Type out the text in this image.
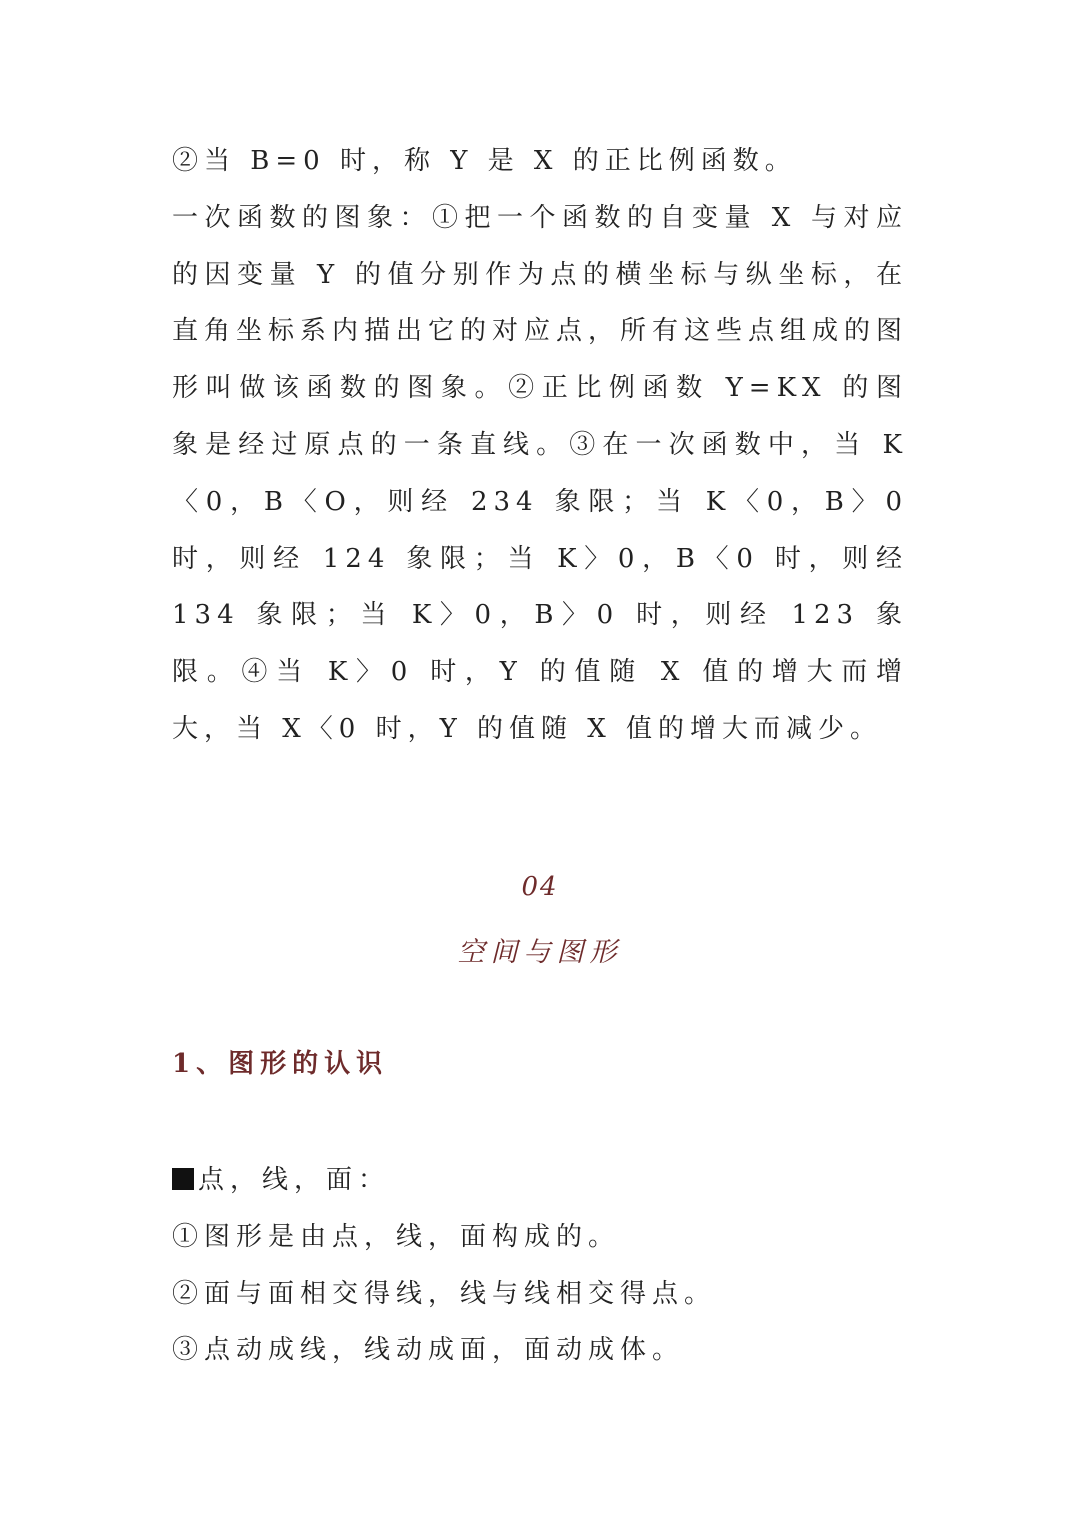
②当 B=0 时，称 Y 是 X 的正比例函数。

一次函数的图象：①把一个函数的自变量 X 与对应的因变量 Y 的值分别作为点的横坐标与纵坐标，在直角坐标系内描出它的对应点，所有这些点组成的图形叫做该函数的图象。②正比例函数 Y=KX 的图象是经过原点的一条直线。③在一次函数中，当 K〈0，B〈O，则经 234 象限；当 K〈0，B〉0 时，则经 124 象限；当 K〉0，B〈0 时，则经 134 象限；当 K〉0，B〉0 时，则经 123 象限。④当 K〉0 时，Y 的值随 X 值的增大而增大，当 X〈0 时，Y 的值随 X 值的增大而减少。

04
空间与图形
1、图形的认识

点，线，面：

①图形是由点，线，面构成的。

②面与面相交得线，线与线相交得点。

③点动成线，线动成面，面动成体。
